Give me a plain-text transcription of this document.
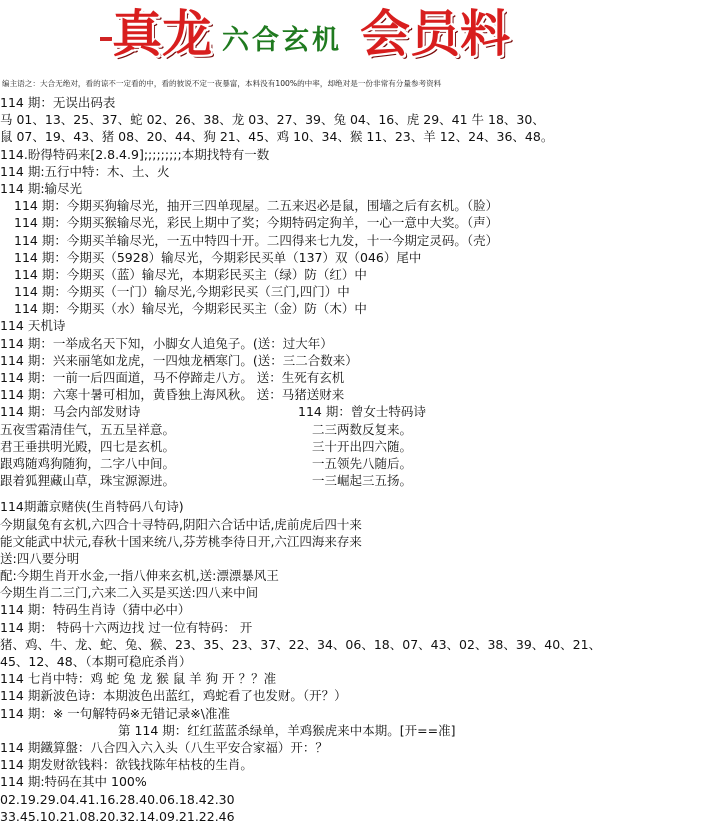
真龙 六合玄机 会员料
编主语之：大合无绝对，看的谅不一定看的中，看的彼说不定一夜暴富，本料没有100%的中率，却绝对是一份非常有分量参考资料
114 期：无误出码表
马 01、13、25、37、蛇 02、26、38、龙 03、27、39、兔 04、16、虎 29、41 牛 18、30、
鼠 07、19、43、猪 08、20、44、狗 21、45、鸡 10、34、猴 11、23、羊 12、24、36、48。
114.盼得特码来[2.8.4.9];;;;;;;;;本期找特有一数
114 期:五行中特：木、土、火
114 期:输尽光
114 期：今期买狗输尽光，抽开三四单现屋。二五来迟必是鼠，围墙之后有玄机。（脸）
114 期：今期买猴输尽光，彩民上期中了奖；今期特码定狗羊，一心一意中大奖。（声）
114 期：今期买羊输尽光，一五中特四十开。二四得来七九发，十一今期定灵码。（壳）
114 期：今期买（5928）输尽光，今期彩民买单（137）双（046）尾中
114 期：今期买（蓝）输尽光，本期彩民买主（绿）防（红）中
114 期：今期买（一门）输尽光,今期彩民买（三门,四门）中
114 期：今期买（水）输尽光，今期彩民买主（金）防（木）中
114 天机诗
114 期：一举成名天下知，小脚女人追兔子。(送：过大年）
114 期：兴来丽笔如龙虎，一四烛龙栖寒门。(送：三二合数来）
114 期：一前一后四面道，马不停蹄走八方。 送：生死有玄机
114 期：六寒十暑可相加，黄昏独上海风秋。 送：马猪送财来
114 期：马会内部发财诗	114 期：曾女士特码诗
五夜雪霜清佳气，五五呈祥意。	二三两数反复来。
君王垂拱明光殿，四七是玄机。	三十开出四六随。
跟鸡随鸡狗随狗，二字八中间。	一五领先八随后。
跟着狐狸藏山草，珠宝源源进。	一三崛起三五扬。
114期蕭京赌侠(生肖特码八句诗)
今期鼠兔有玄机,六四合十寻特码,阴阳六合话中话,虎前虎后四十来
能文能武中状元,春秋十国来统八,芬芳桃李待日开,六江四海来存来
送:四八要分明
配:今期生肖开水金,一指八伸来玄机,送:漂漂暴风王
今期生肖二三门,六来二入买是买送:四八来中间
114 期：特码生肖诗（猜中必中）
114 期： 特码十六两边找 过一位有特码： 开
猪、鸡、牛、龙、蛇、兔、猴、23、35、23、37、22、34、06、18、07、43、02、38、39、40、21、
45、12、48、（本期可稳庇杀肖）
114 七肖中特：鸡 蛇 兔 龙 猴 鼠 羊 狗 开 ？？准
114 期新波色诗：本期波色出蓝红，鸡蛇看了也发财。（开？）
114 期：※ 一句解特码※无错记录※\准准
第 114 期：红红蓝蓝杀绿单，羊鸡猴虎来中本期。[开==准]
114 期鐵算盤：八合四入六入头（八生平安合家福）开：？
114 期发财欲钱料：欲钱找陈年枯枝的生肖。
114 期:特码在其中 100%
02.19.29.04.41.16.28.40.06.18.42.30
33.45.10.21.08.20.32.14.09.21.22.46
